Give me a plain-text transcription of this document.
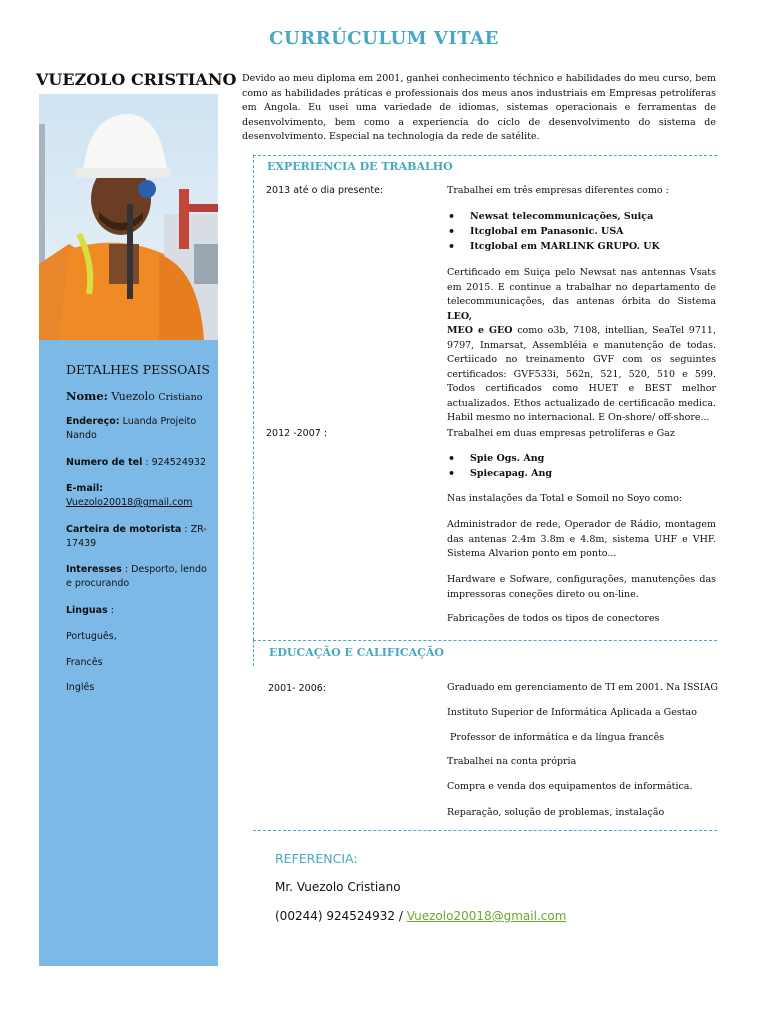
CURRÚCULUM VITAE
VUEZOLO CRISTIANO
DETALHES PESSOAIS
Nome: Vuezolo Cristiano
Endereço: Luanda Projeito Nando
Numero de tel : 924524932
E-mail:
Vuezolo20018@gmail.com
Carteira de motorista : ZR-17439
Interesses : Desporto, lendo e procurando
Linguas :
Português,
Francês
Inglês
Devido ao meu diploma em 2001, ganhei conhecimento téchnico e habilidades do meu curso, bem como as habilidades práticas e professionais dos meus anos industriais em Empresas petrolíferas em Angola. Eu usei uma variedade de idiomas, sistemas operacionais e ferramentas de desenvolvimento, bem como a experiencia do ciclo de desenvolvimento do sistema de desenvolvimento. Especial na technologia da rede de satélite.
EXPERIENCIA DE TRABALHO
2013 até o dia presente:	Trabalhei em três empresas diferentes como :
• Newsat telecommunicações, Suiça
• Itcglobal em Panasonic. USA
• Itcglobal em MARLINK GRUPO. UK
Certificado em Suiça pelo Newsat nas antennas Vsats em 2015. E continue a trabalhar no departamento de telecommunicações, das antenas órbita do Sistema LEO,
MEO e GEO como o3b, 7108, intellian, SeaTel 9711, 9797, Inmarsat, Assembléia e manutenção de todas. Certiicado no treinamento GVF com os seguintes certificados: GVF533i, 562n, 521, 520, 510 e 599. Todos certificados como HUET e BEST melhor actualizados. Ethos actualizado de certificacão medica. Habil mesmo no internacional. E On-shore/ off-shore...
2012 -2007 :	Trabalhei em duas empresas petrolíferas e Gaz
• Spie Ogs. Ang
• Spiecapag. Ang
Nas instalações da Total e Somoil no Soyo como:
Administrador de rede, Operador de Rádio, montagem das antenas 2.4m 3.8m e 4.8m, sistema UHF e VHF. Sistema Alvarion ponto em ponto...
Hardware e Sofware, configurações, manutenções das impressoras coneções direto ou on-line.
Fabricações de todos os tipos de conectores
EDUCAÇÃO E CALIFICAÇÃO
2001- 2006:	Graduado em gerenciamento de TI em 2001. Na ISSIAG
Instituto Superior de Informática Aplicada a Gestao
Professor de informática e da língua francês
Trabalhei na conta própria
Compra e venda dos equipamentos de informática.
Reparação, solução de problemas, instalação
REFERENCIA:
Mr. Vuezolo Cristiano
(00244) 924524932 / Vuezolo20018@gmail.com
